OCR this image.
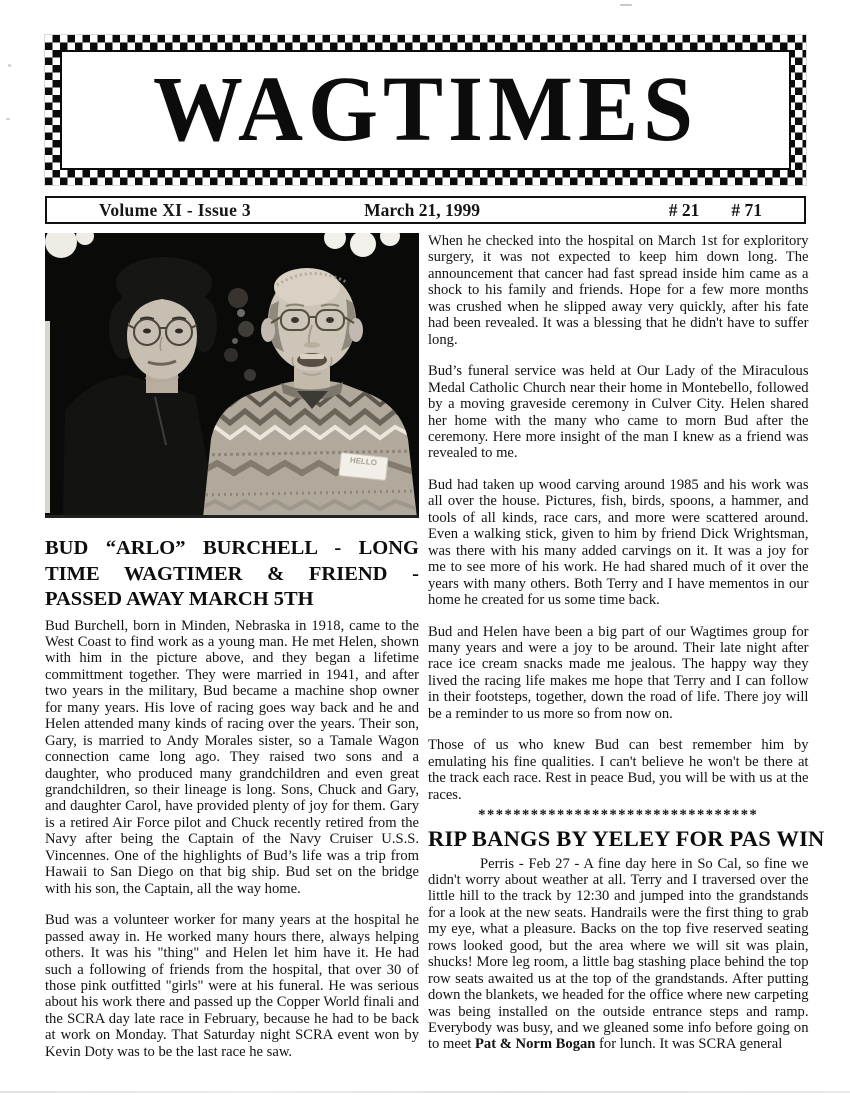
WAGTIMES
Volume XI - Issue 3	March 21, 1999	# 21 # 71
HELLO
BUD “ARLO” BURCHELL - LONG TIME WAGTIMER & FRIEND - PASSED AWAY MARCH 5TH

Bud Burchell, born in Minden, Nebraska in 1918, came to the West Coast to find work as a young man. He met Helen, shown with him in the picture above, and they began a lifetime committment together. They were married in 1941, and after two years in the military, Bud became a machine shop owner for many years. His love of racing goes way back and he and Helen attended many kinds of racing over the years. Their son, Gary, is married to Andy Morales sister, so a Tamale Wagon connection came long ago. They raised two sons and a daughter, who produced many grandchildren and even great grandchildren, so their lineage is long. Sons, Chuck and Gary, and daughter Carol, have provided plenty of joy for them. Gary is a retired Air Force pilot and Chuck recently retired from the Navy after being the Captain of the Navy Cruiser U.S.S. Vincennes. One of the highlights of Bud’s life was a trip from Hawaii to San Diego on that big ship. Bud set on the bridge with his son, the Captain, all the way home.

Bud was a volunteer worker for many years at the hospital he passed away in. He worked many hours there, always helping others. It was his "thing" and Helen let him have it. He had such a following of friends from the hospital, that over 30 of those pink outfitted "girls" were at his funeral. He was serious about his work there and passed up the Copper World finali and the SCRA day late race in February, because he had to be back at work on Monday. That Saturday night SCRA event won by Kevin Doty was to be the last race he saw.

When he checked into the hospital on March 1st for exploritory surgery, it was not expected to keep him down long. The announcement that cancer had fast spread inside him came as a shock to his family and friends. Hope for a few more months was crushed when he slipped away very quickly, after his fate had been revealed. It was a blessing that he didn't have to suffer long.

Bud’s funeral service was held at Our Lady of the Miraculous Medal Catholic Church near their home in Montebello, followed by a moving graveside ceremony in Culver City. Helen shared her home with the many who came to morn Bud after the ceremony. Here more insight of the man I knew as a friend was revealed to me.

Bud had taken up wood carving around 1985 and his work was all over the house. Pictures, fish, birds, spoons, a hammer, and tools of all kinds, race cars, and more were scattered around. Even a walking stick, given to him by friend Dick Wrightsman, was there with his many added carvings on it. It was a joy for me to see more of his work. He had shared much of it over the years with many others. Both Terry and I have mementos in our home he created for us some time back.

Bud and Helen have been a big part of our Wagtimes group for many years and were a joy to be around. Their late night after race ice cream snacks made me jealous. The happy way they lived the racing life makes me hope that Terry and I can follow in their footsteps, together, down the road of life. There joy will be a reminder to us more so from now on.

Those of us who knew Bud can best remember him by emulating his fine qualities. I can't believe he won't be there at the track each race. Rest in peace Bud, you will be with us at the races.

********************************
RIP BANGS BY YELEY FOR PAS WIN

Perris - Feb 27 - A fine day here in So Cal, so fine we didn't worry about weather at all. Terry and I traversed over the little hill to the track by 12:30 and jumped into the grandstands for a look at the new seats. Handrails were the first thing to grab my eye, what a pleasure. Backs on the top five reserved seating rows looked good, but the area where we will sit was plain, shucks! More leg room, a little bag stashing place behind the top row seats awaited us at the top of the grandstands. After putting down the blankets, we headed for the office where new carpeting was being installed on the outside entrance steps and ramp. Everybody was busy, and we gleaned some info before going on to meet Pat & Norm Bogan for lunch. It was SCRA general
